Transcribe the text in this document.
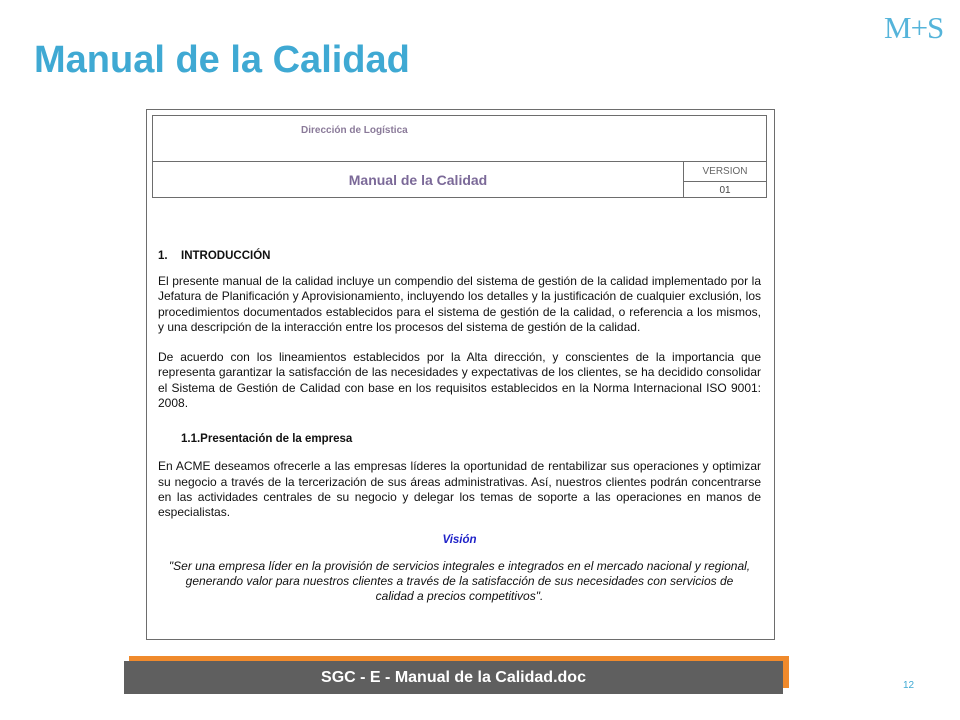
Manual de la Calidad
M+S
Dirección de Logística
Manual de la Calidad
VERSION
01

1. INTRODUCCIÓN

El presente manual de la calidad incluye un compendio del sistema de gestión de la calidad implementado por la Jefatura de Planificación y Aprovisionamiento, incluyendo los detalles y la justificación de cualquier exclusión, los procedimientos documentados establecidos para el sistema de gestión de la calidad, o referencia a los mismos, y una descripción de la interacción entre los procesos del sistema de gestión de la calidad.

De acuerdo con los lineamientos establecidos por la Alta dirección, y conscientes de la importancia que representa garantizar la satisfacción de las necesidades y expectativas de los clientes, se ha decidido consolidar el Sistema de Gestión de Calidad con base en los requisitos establecidos en la Norma Internacional ISO 9001: 2008.

1.1.Presentación de la empresa

En ACME deseamos ofrecerle a las empresas líderes la oportunidad de rentabilizar sus operaciones y optimizar su negocio a través de la tercerización de sus áreas administrativas. Así, nuestros clientes podrán concentrarse en las actividades centrales de su negocio y delegar los temas de soporte a las operaciones en manos de especialistas.

Visión

"Ser una empresa líder en la provisión de servicios integrales e integrados en el mercado nacional y regional, generando valor para nuestros clientes a través de la satisfacción de sus necesidades con servicios de calidad a precios competitivos".

SGC - E - Manual de la Calidad.doc	12
